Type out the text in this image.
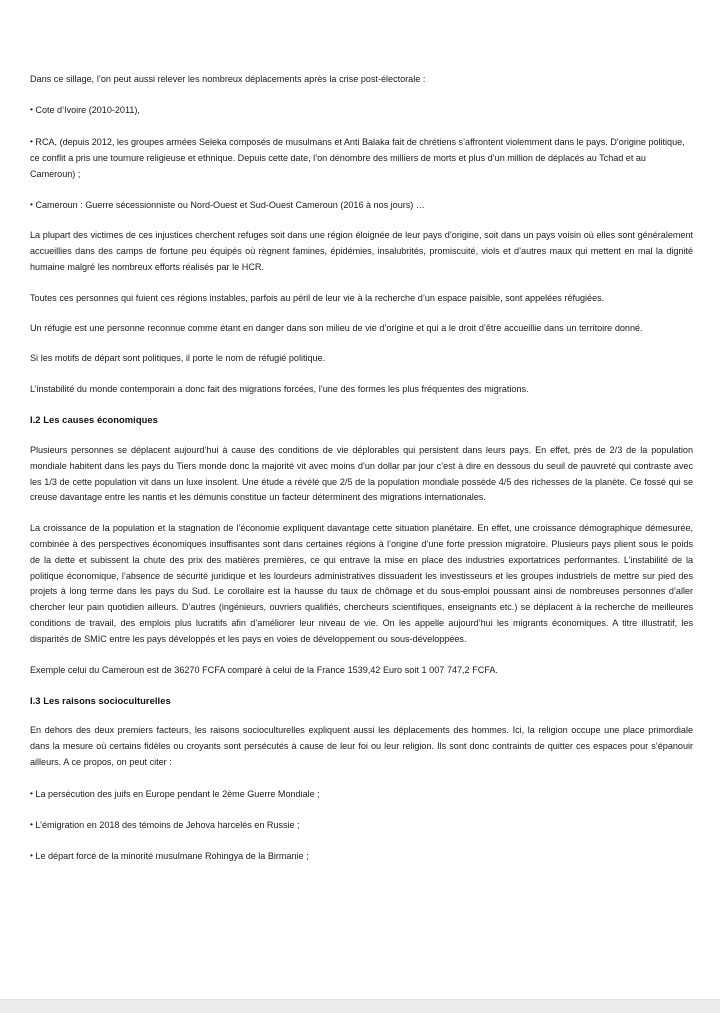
Dans ce sillage, l’on peut aussi relever les nombreux déplacements après la crise post-électorale :

• Cote d’Ivoire (2010-2011),

• RCA, (depuis 2012, les groupes armées Seleka composés de musulmans et Anti Balaka fait de chrétiens s’affrontent violemment dans le pays. D’origine politique, ce conflit a pris une tournure religieuse et ethnique. Depuis cette date, l’on dénombre des milliers de morts et plus d’un million de déplacés au Tchad et au Cameroun) ;

• Cameroun : Guerre sécessionniste ou Nord-Ouest et Sud-Ouest Cameroun (2016 à nos jours) …

La plupart des victimes de ces injustices cherchent refuges soit dans une région éloignée de leur pays d’origine, soit dans un pays voisin où elles sont généralement accueillies dans des camps de fortune peu équipés où règnent famines, épidémies, insalubrités, promiscuité, viols et d’autres maux qui mettent en mal la dignité humaine malgré les nombreux efforts réalisés par le HCR.

Toutes ces personnes qui fuient ces régions instables, parfois au péril de leur vie à la recherche d’un espace paisible, sont appelées réfugiées.

Un réfugie est une personne reconnue comme étant en danger dans son milieu de vie d’origine et qui a le droit d’être accueillie dans un territoire donné.

Si les motifs de départ sont politiques, il porte le nom de réfugié politique.

L’instabilité du monde contemporain a donc fait des migrations forcées, l’une des formes les plus fréquentes des migrations.

I.2 Les causes économiques

Plusieurs personnes se déplacent aujourd’hui à cause des conditions de vie déplorables qui persistent dans leurs pays. En effet, près de 2/3 de la population mondiale habitent dans les pays du Tiers monde donc la majorité vit avec moins d’un dollar par jour c’est à dire en dessous du seuil de pauvreté qui contraste avec les 1/3 de cette population vit dans un luxe insolent. Une étude a révélé que 2/5 de la population mondiale possède 4/5 des richesses de la planète. Ce fossé qui se creuse davantage entre les nantis et les démunis constitue un facteur déterminent des migrations internationales.

La croissance de la population et la stagnation de l’économie expliquent davantage cette situation planétaire. En effet, une croissance démographique démesurée, combinée à des perspectives économiques insuffisantes sont dans certaines régions à l’origine d’une forte pression migratoire. Plusieurs pays plient sous le poids de la dette et subissent la chute des prix des matières premières, ce qui entrave la mise en place des industries exportatrices performantes. L’instabilité de la politique économique, l’absence de sécurité juridique et les lourdeurs administratives dissuadent les investisseurs et les groupes industriels de mettre sur pied des projets à long terme dans les pays du Sud. Le corollaire est la hausse du taux de chômage et du sous-emploi poussant ainsi de nombreuses personnes d’aller chercher leur pain quotidien ailleurs. D’autres (ingénieurs, ouvriers qualifiés, chercheurs scientifiques, enseignants etc.) se déplacent à la recherche de meilleures conditions de travail, des emplois plus lucratifs afin d’améliorer leur niveau de vie. On les appelle aujourd’hui les migrants économiques. A titre illustratif, les disparités de SMIC entre les pays développés et les pays en voies de développement ou sous-développées.

Exemple celui du Cameroun est de 36270 FCFA comparé à celui de la France 1539,42 Euro soit 1 007 747,2 FCFA.

I.3 Les raisons socioculturelles

En dehors des deux premiers facteurs, les raisons socioculturelles expliquent aussi les déplacements des hommes. Ici, la religion occupe une place primordiale dans la mesure où certains fidèles ou croyants sont persécutés à cause de leur foi ou leur religion. Ils sont donc contraints de quitter ces espaces pour s’épanouir ailleurs. A ce propos, on peut citer :

• La persécution des juifs en Europe pendant le 2ème Guerre Mondiale ;

• L’émigration en 2018 des témoins de Jehova harcelés en Russie ;

• Le départ forcé de la minorité musulmane Rohingya de la Birmanie ;
